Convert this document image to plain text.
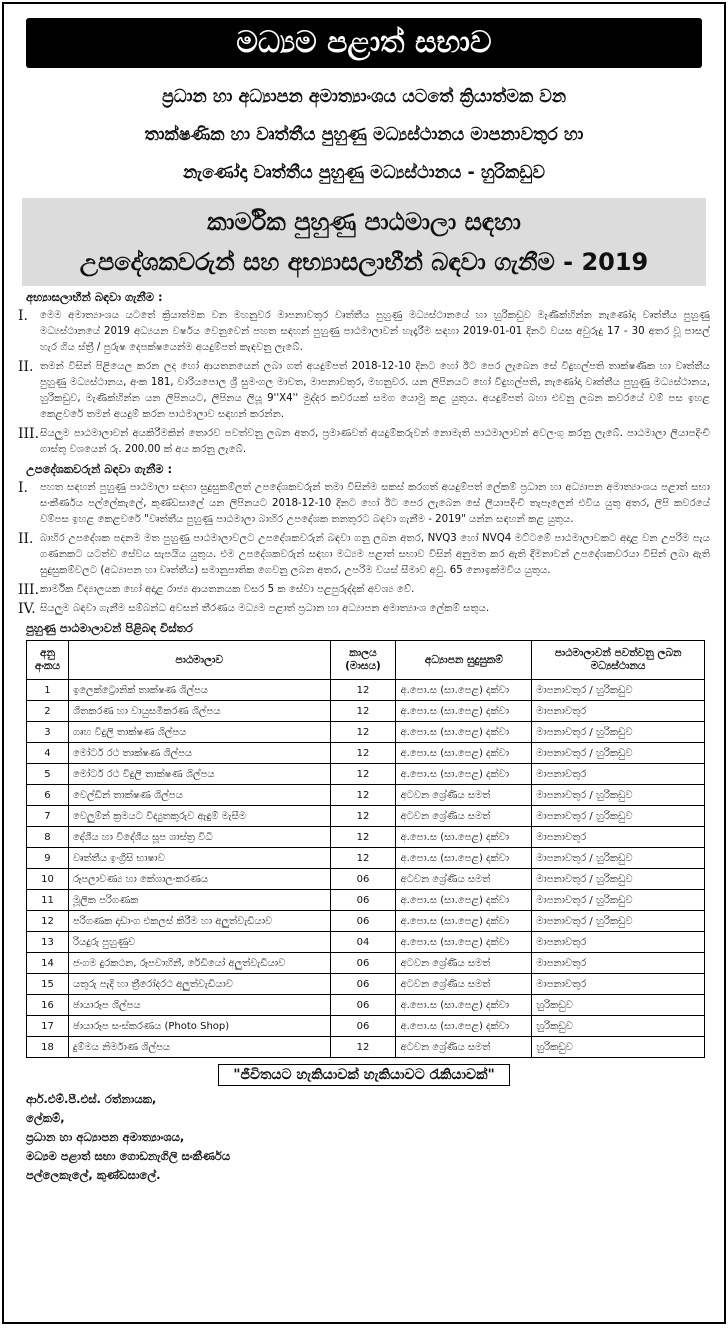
මධ්‍යම පළාත් සභාව
ප්‍රධාන හා අධ්‍යාපන අමාත්‍යාංශය යටතේ ක්‍රියාත්මක වන
තාක්ෂණික හා වෘත්තීය පුහුණු මධ්‍යස්ථානය මාපනාවතුර හා
නැණෝදා වෘත්තීය පුහුණු මධ්‍යස්ථානය - හුරිකඩුව
කාර්මික පුහුණු පාඨමාලා සඳහා
උපදේශකවරුන් සහ අභ්‍යාසලාභීන් බඳවා ගැනීම - 2019
අභ්‍යාසලාභීන් බඳවා ගැනීම :
I.	මෙම අමාත්‍යාංශය යටතේ ක්‍රියාත්මක වන මහනුවර මාපනාවතුර වෘත්තීය පුහුණු මධ්‍යස්ථානයේ හා හුරිකඩුව මැණික්හින්න නැණෝදා වෘත්තීය පුහුණු මධ්‍යස්ථානයේ 2019 අධ්‍යයන වර්ෂය වෙනුවෙන් පහත සඳහන් පුහුණු පාඨමාලාවන් හැදෑරීම සඳහා 2019-01-01 දිනට වයස අවුරුදු 17 - 30 අතර වූ පාසල් හැර ගිය ස්ත්‍රී / පුරුෂ දෙපක්ෂයෙන්ම අයදුම්පත් කැඳවනු ලැබේ.
II. තමන් විසින් පිළියෙල කරන ලද හෝ ආයතනයෙන් ලබා ගත් අයදුම්පත් 2018-12-10 දිනට හෝ ඊට පෙර ලැබෙන සේ විදුහල්පති තාක්ෂණික හා වෘත්තීය පුහුණු මධ්‍යස්ථානය, අංක 181, වාරියපොල ශ්‍රී සුමංගල මාවත, මාපනාවතුර, මහනුවර. යන ලිපිනයට හෝ විදුහල්පති, නැණෝදා වෘත්තීය පුහුණු මධ්‍යස්ථානය, හුරිකඩුව, මැණික්හින්න යන ලිපිනයට, ලිපිනය ලියූ 9''X4'' මුද්දර කවරයක් සමග යොමු කළ යුතුය. අයදුම්පත් බහා එවනු ලබන කවරයේ වම් පස ඉහළ කෙළවරේ තමන් අයදුම් කරන පාඨමාලාව සඳහන් කරන්න.
III. සියලුම පාඨමාලාවන් අයකිරීමකින් තොරව පවත්වනු ලබන අතර, ප්‍රමාණවත් අයදුම්කරුවන් නොමැති පාඨමාලාවන් අවලංගු කරනු ලැබේ. පාඨමාලා ලියාපදිංචි ගාස්තු වශයෙන් රු. 200.00 ක් අය කරනු ලැබේ.
උපදේශකවරුන් බඳවා ගැනීම :
I.	පහත සඳහන් පුහුණු පාඨමාලා සඳහා සුදුසුකම්ලත් උපදේශකවරුන් තමා විසින්ම සකස් කරගත් අයදුම්පත් ලේකම් ප්‍රධාන හා අධ්‍යාපන අමාත්‍යාංශය පළාත් සභා සංකීර්ණය පල්ලේකැලේ, කුණ්ඩසාලේ යන ලිපිනයට 2018-12-10 දිනට හෝ ඊට පෙර ලැබෙන සේ ලියාපදිංචි තැපෑලෙන් එවිය යුතු අතර, ලිපි කවරයේ වම්පස ඉහළ කෙළවරේ "වෘත්තීය පුහුණු පාඨමාලා බාහිර උපදේශක තනතුරට බඳවා ගැනීම - 2019" යන්න සඳහන් කළ යුතුය.
II. බාහිර උපදේශක පදනම මත පුහුණු පාඨමාලාවලට උපදේශකවරුන් බඳවා ගනු ලබන අතර, NVQ3 හෝ NVQ4 මට්ටමේ පාඨමාලාවකට අදාළ වන උපරිම පැය ගණනකට යටත්ව සේවය සැපයිය යුතුය. එම උපදේශකවරුන් සඳහා මධ්‍යම පළාත් සභාව විසින් අනුමත කර ඇති දීමනාවන් උපදේශකවරයා විසින් ලබා ඇති සුදුසුකම්වලට (අධ්‍යාපන හා වෘත්තීය) සමානුපාතික ගෙවනු ලබන අතර, උපරිම වයස් සීමාව අවු. 65 නොඉක්මවිය යුතුය.
III. කාර්මික විද්‍යාලයක හෝ අදාළ රාජ්‍ය ආයතනයක වසර 5 ක සේවා පළපුරුද්දක් අවශ්‍ය වේ.
IV. සියලුම බඳවා ගැනීම සම්බන්ධ අවසන් තීරණය මධ්‍යම පළාත් ප්‍රධාන හා අධ්‍යාපන අමාත්‍යාංශ ලේකම් සතුය.
පුහුණු පාඨමාලාවන් පිළිබඳ විස්තර
අනු අංකය	පාඨමාලාව	කාලය (මාසය)	අධ්‍යාපන සුදුසුකම්	පාඨමාලාවන් පවත්වනු ලබන මධ්‍යස්ථානය
1	ඉලෙක්ට්‍රොනික් තාක්ෂණ ශිල්පය	12	අ.පො.ස (සා.පෙළ) දක්වා	මාපනාවතුර / හුරිකඩුව
2	ශීතකරණ හා වායුසමීකරණ ශිල්පය	12	අ.පො.ස (සා.පෙළ) දක්වා	මාපනාවතුර
3	ගෘහ විදුලි තාක්ෂණ ශිල්පය	12	අ.පො.ස (සා.පෙළ) දක්වා	මාපනාවතුර / හුරිකඩුව
4	මෝටර් රථ තාක්ෂණ ශිල්පය	12	අ.පො.ස (සා.පෙළ) දක්වා	මාපනාවතුර / හුරිකඩුව
5	මෝටර් රථ විදුලි තාක්ෂණ ශිල්පය	12	අ.පො.ස (සා.පෙළ) දක්වා	මාපනාවතුර
6	වෙල්ඩින් තාක්ෂණ ශිල්පය	12	අටවන ශ්‍රේණිය සමත්	මාපනාවතුර / හුරිකඩුව
7	වෙලුම්න් ක්‍රමයට විද්‍යුතකුරුව ඇඳුම් මැසීම	12	අටවන ශ්‍රේණිය සමත්	මාපනාවතුර / හුරිකඩුව
8	දේශීය හා විදේශීය සූප ශාස්ත්‍ර විධි	12	අ.පො.ස (සා.පෙළ) දක්වා	මාපනාවතුර
9	වෘත්තීය ඉංග්‍රීසි භාෂාව	12	අ.පො.ස (සා.පෙළ) දක්වා	මාපනාවතුර / හුරිකඩුව
10	රූපලාවණ්‍ය හා කේශාලංකරණය	06	අටවන ශ්‍රේණිය සමත්	මාපනාවතුර / හුරිකඩුව
11	මූලික පරිගණක	06	අ.පො.ස (සා.පෙළ) දක්වා	මාපනාවතුර / හුරිකඩුව
12	පරිගණක දෘඩාංග එකලස් කිරීම හා අලුත්වැඩියාව	06	අ.පො.ස (සා.පෙළ) දක්වා	මාපනාවතුර / හුරිකඩුව
13	රියදුරු පුහුණුව	04	අ.පො.ස (සා.පෙළ) දක්වා	මාපනාවතුර
14	ජංගම දුරකථන, රූපවාහිනී, රේඩියෝ අලුත්වැඩියාව	06	අටවන ශ්‍රේණිය සමත්	මාපනාවතුර
15	යතුරු පැදි හා ත්‍රීරෝදරථ අලුත්වැඩියාව	06	අටවන ශ්‍රේණිය සමත්	මාපනාවතුර
16	ඡායාරූප ශිල්පය	06	අ.පො.ස (සා.පෙළ) දක්වා	හුරිකඩුව
17	ඡායාරූප සංස්කරණය (Photo Shop)	06	අ.පො.ස (සා.පෙළ) දක්වා	හුරිකඩුව
18	දුම්මය නිර්මාණ ශිල්පය	12	අටවන ශ්‍රේණිය සමත්	හුරිකඩුව
"ජීවිතයට හැකියාවක් හැකියාවට රැකියාවක්"
ආර්.එම්.පී.එස්. රත්නායක,
ලේකම්,
ප්‍රධාන හා අධ්‍යාපන අමාත්‍යාංශය,
මධ්‍යම පළාත් සභා ගොඩනැගිලි සංකීර්ණය
පල්ලෙකැලේ, කුණ්ඩසාලේ.
